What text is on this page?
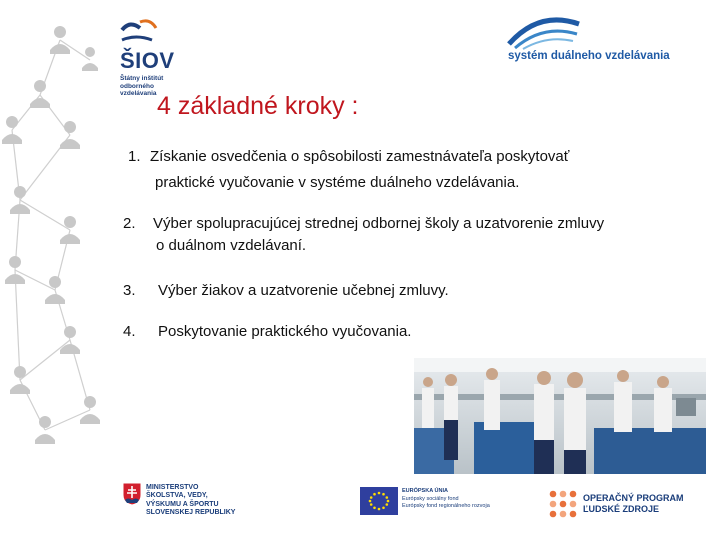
ŠIOV
Štátny inštitút
odborného
vzdelávania
systém duálneho vzdelávania
4 základné kroky :
1. Získanie osvedčenia o spôsobilosti zamestnávateľa poskytovať
praktické vyučovanie v systéme duálneho vzdelávania.
2. Výber spolupracujúcej strednej odbornej školy a uzatvorenie zmluvy
o duálnom vzdelávaní.
3. Výber žiakov a uzatvorenie učebnej zmluvy.
4. Poskytovanie praktického vyučovania.
MINISTERSTVO
ŠKOLSTVA, VEDY,
VÝSKUMU A ŠPORTU
SLOVENSKEJ REPUBLIKY
EURÓPSKA ÚNIA
Európsky sociálny fond
Európsky fond regionálneho rozvoja
OPERAČNÝ PROGRAM
ĽUDSKÉ ZDROJE
